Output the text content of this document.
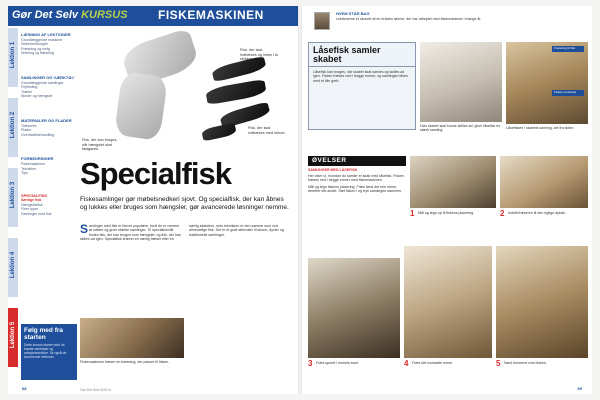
Gør Det Selv KURSUS	FISKEMASKINEN
Lektion 1
Lektion 2
Lektion 3
Lektion 4
Lektion 5
LÆSNING AF LEKTIONER
Grundlæggende maskiner
Sikkerhedsregler
Fræsning og smig
Snitning og fræsning
SAMLINGER OG VÆRKTØJ
Grundlæggende samlinger
Fejlfinding
Trælim
Skruer og hængsler
MATERIALER OG FLADER
Træsorter
Plader
Overfladebehandling
FORBEDRINGER
Fiskemaskinen
Teknikker
Tips
SPECIALFISK
Særlige fisk
Hængselsfisk
Flere typer
Samlinger med fisk
Følg med fra starten
Dette kursus starter med de basale værktøjer og arbejdsteknikker. Se også de kommende lektioner.
Fisk, der kan bruges, når hængslet skal fastgøres.
Fisk, der skal indfræses og limes i to stykker.
Fisk, der skal indfræses med skruer.
Specialfisk
Fiskesamlinger gør møbelsnedkeri sjovt. Og specialfisk, der kan åbnes og lukkes eller bruges som hængsler, gør avancerede løsninger nemme.
Samlinger med fisk er blevet populære, fordi de er nemme at udføre og giver stærke samlinger. Til specialformål findes fisk, der kan bruges som hængsler, og fisk, der kan skilles ad igen. Specialfisk kræver en særlig fræser eller en særlig skabelon, men teknikken er den samme som ved almindelige fisk. Det er et godt alternativ til skruer, dyvler og traditionelle samlinger.
Fiskemaskinen fræser en fræsning, der passer til fisken.
Gør Det Selv 5/2014
68
HVEM STÅR BAG
Lektionerne er skrevet af en erfaren tømrer, der har arbejdet med fiskemaskiner i mange år.
Låsefisk samler skabet

Låsefisk kan bruges, når skabet skal samles og skilles ad igen. Fisken fræses ned i begge emner, og samlingen låses med et lille greb.

Hvis skabet skal kunne skilles ad, giver låsefisk en stærk samling.
Fræsning til fisk
Fisken monteres
Låsefisken i skabets samling, set fra siden.
ØVELSER
SAMLINGER MED LÅSEFISK

Her viser vi, hvordan du samler et skab med låsefisk. Fisken fræses ned i begge emner med fiskemaskinen.

Mål og tegn fiskens placering. Fræs først det ene emne, derefter det andet. Sæt fisken i og tryk samlingen sammen.

1 Mål og tegn op til fiskens placering.	2 Indstil fræseren til den rigtige dybde.
3 Fræs sporet i emnets kant.	4 Fræs det modsatte emne.	5 Saml emnerne med fisken.
69
